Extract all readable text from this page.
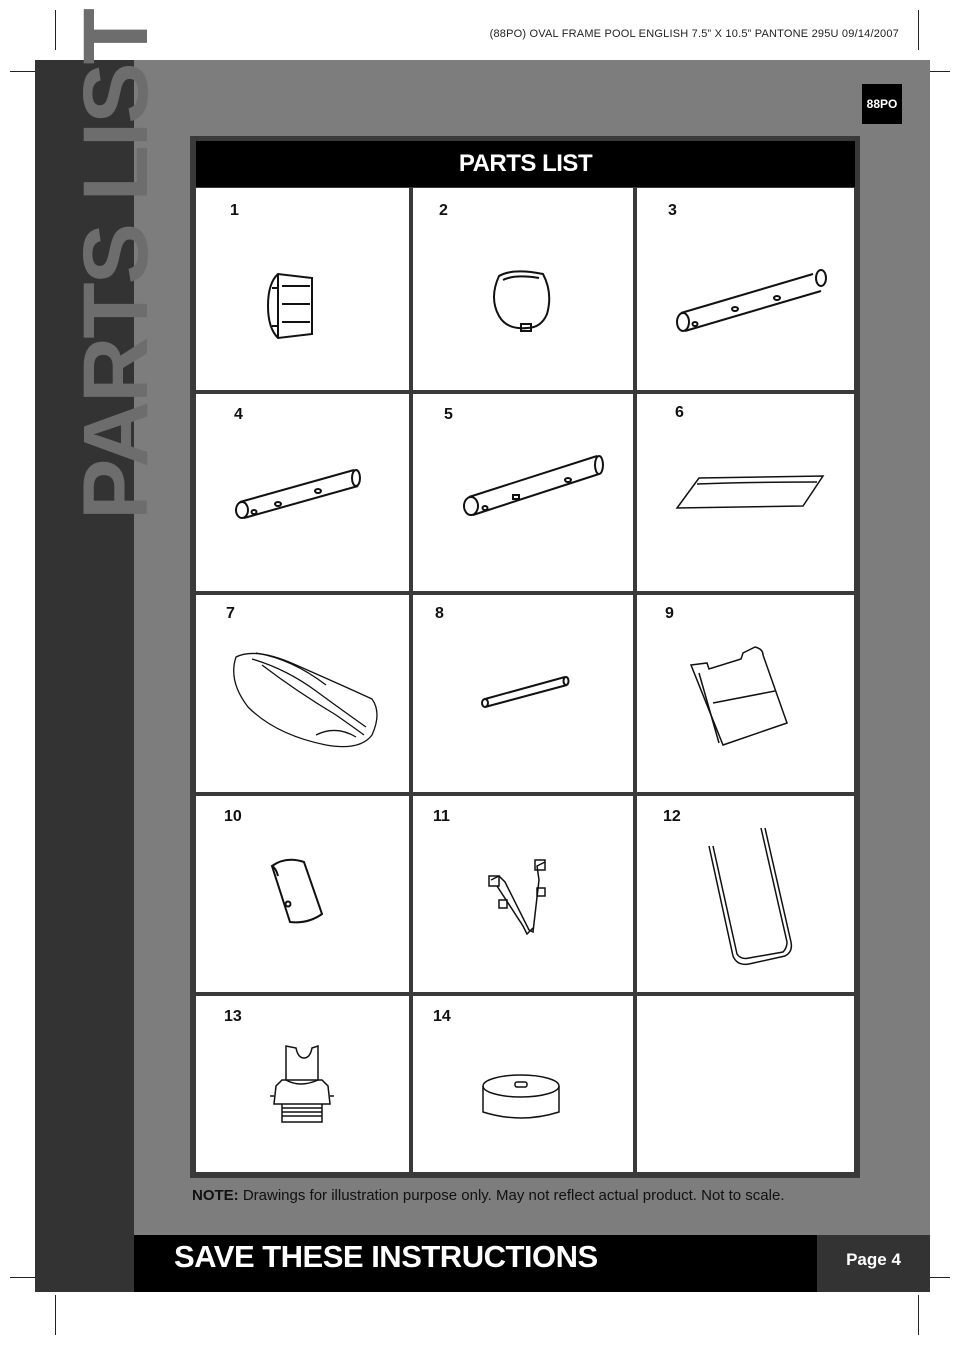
(88PO) OVAL FRAME POOL ENGLISH 7.5” X 10.5” PANTONE 295U 09/14/2007
PARTS LIST	88PO
PARTS LIST
1	2	3
4	5	6
7	8	9
10	11	12
13	14
NOTE: Drawings for illustration purpose only. May not reflect actual product. Not to scale.
SAVE THESE INSTRUCTIONS	Page 4
